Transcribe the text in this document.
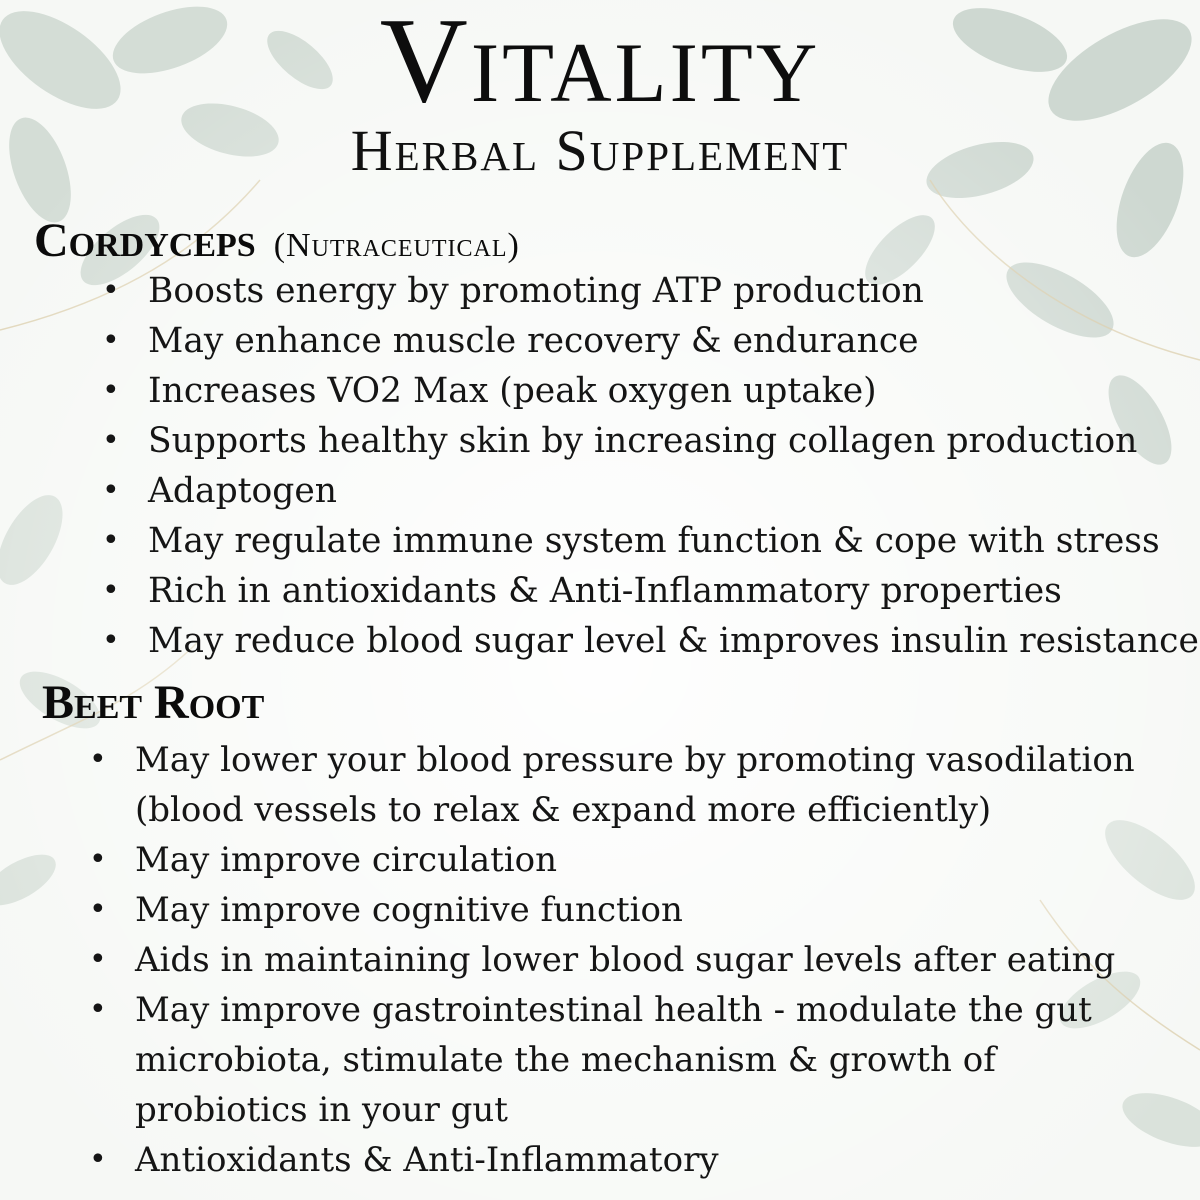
Vitality
Herbal Supplement
Cordyceps (Nutraceutical)
• Boosts energy by promoting ATP production
• May enhance muscle recovery & endurance
• Increases VO2 Max (peak oxygen uptake)
• Supports healthy skin by increasing collagen production
• Adaptogen
• May regulate immune system function & cope with stress
• Rich in antioxidants & Anti-Inflammatory properties
• May reduce blood sugar level & improves insulin resistance
Beet Root
• May lower your blood pressure by promoting vasodilation
(blood vessels to relax & expand more efficiently)
• May improve circulation
• May improve cognitive function
• Aids in maintaining lower blood sugar levels after eating
• May improve gastrointestinal health - modulate the gut
microbiota, stimulate the mechanism & growth of
probiotics in your gut
• Antioxidants & Anti-Inflammatory
